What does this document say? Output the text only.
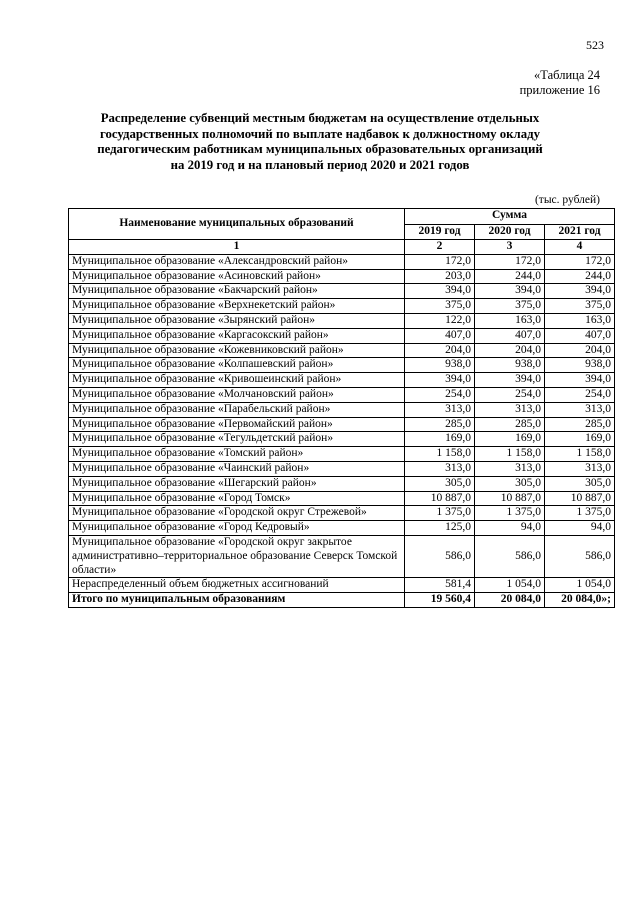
523
«Таблица 24
приложение 16
Распределение субвенций местным бюджетам на осуществление отдельных
государственных полномочий по выплате надбавок к должностному окладу
педагогическим работникам муниципальных образовательных организаций
на 2019 год и на плановый период 2020 и 2021 годов
(тыс. рублей)
Наименование муниципальных образований	Сумма		
	2019 год	2020 год	2021 год
1	2	3	4
Муниципальное образование «Александровский район»	172,0	172,0	172,0
Муниципальное образование «Асиновский район»	203,0	244,0	244,0
Муниципальное образование «Бакчарский район»	394,0	394,0	394,0
Муниципальное образование «Верхнекетский район»	375,0	375,0	375,0
Муниципальное образование «Зырянский район»	122,0	163,0	163,0
Муниципальное образование «Каргасокский район»	407,0	407,0	407,0
Муниципальное образование «Кожевниковский район»	204,0	204,0	204,0
Муниципальное образование «Колпашевский район»	938,0	938,0	938,0
Муниципальное образование «Кривошеинский район»	394,0	394,0	394,0
Муниципальное образование «Молчановский район»	254,0	254,0	254,0
Муниципальное образование «Парабельский район»	313,0	313,0	313,0
Муниципальное образование «Первомайский район»	285,0	285,0	285,0
Муниципальное образование «Тегульдетский район»	169,0	169,0	169,0
Муниципальное образование «Томский район»	1 158,0	1 158,0	1 158,0
Муниципальное образование «Чаинский район»	313,0	313,0	313,0
Муниципальное образование «Шегарский район»	305,0	305,0	305,0
Муниципальное образование «Город Томск»	10 887,0	10 887,0	10 887,0
Муниципальное образование «Городской округ Стрежевой»	1 375,0	1 375,0	1 375,0
Муниципальное образование «Город Кедровый»	125,0	94,0	94,0
Муниципальное образование «Городской округ закрытое административно–территориальное образование Северск Томской области»	586,0	586,0	586,0
Нераспределенный объем бюджетных ассигнований	581,4	1 054,0	1 054,0
Итого по муниципальным образованиям	19 560,4	20 084,0	20 084,0»;
